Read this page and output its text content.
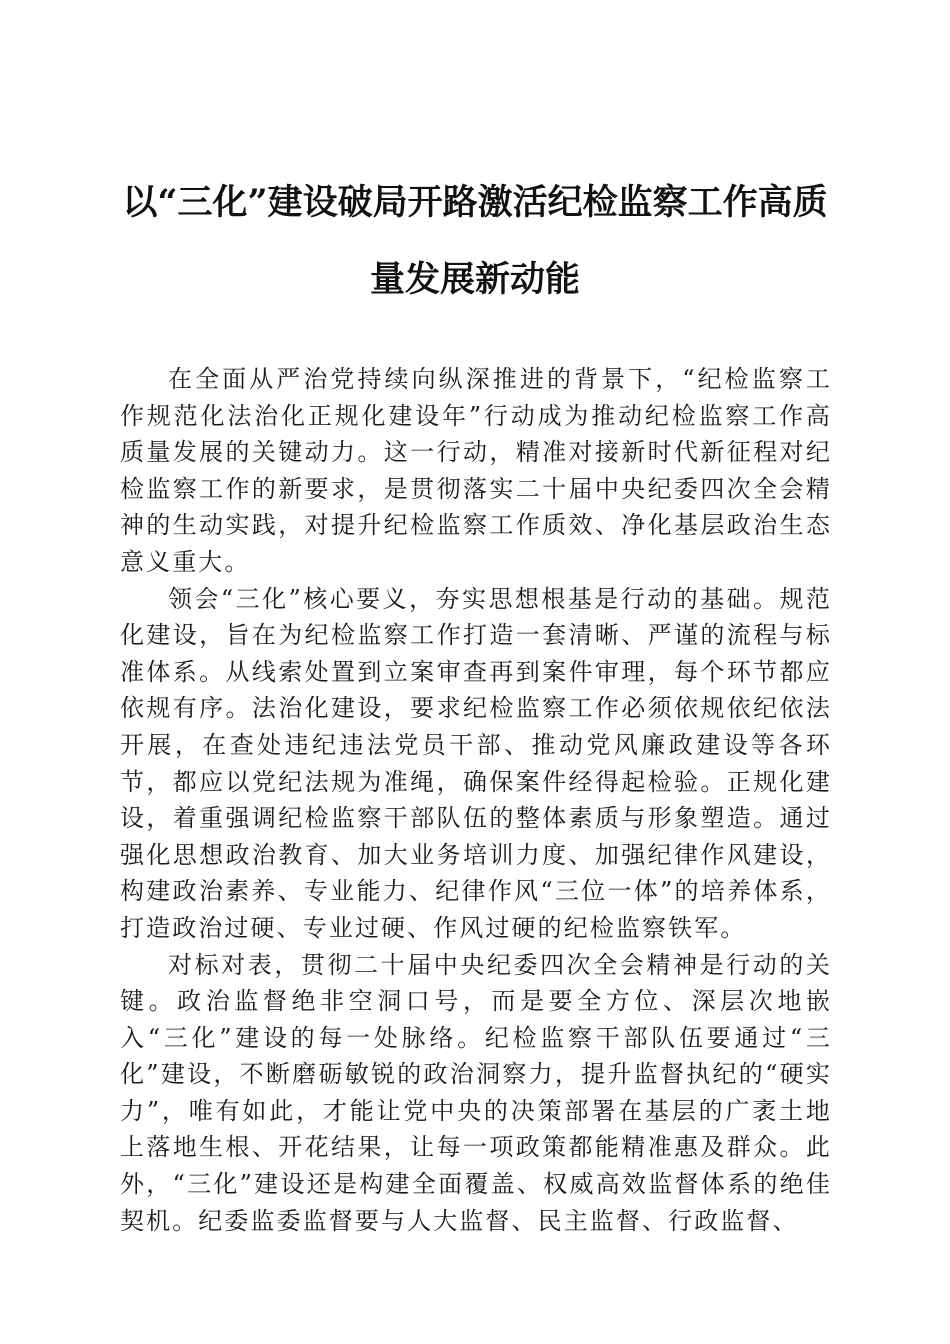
以“三化”建设破局开路激活纪检监察工作高质量发展新动能

在全面从严治党持续向纵深推进的背景下，“纪检监察工作规范化法治化正规化建设年”行动成为推动纪检监察工作高质量发展的关键动力。这一行动，精准对接新时代新征程对纪检监察工作的新要求，是贯彻落实二十届中央纪委四次全会精神的生动实践，对提升纪检监察工作质效、净化基层政治生态意义重大。

领会“三化”核心要义，夯实思想根基是行动的基础。规范化建设，旨在为纪检监察工作打造一套清晰、严谨的流程与标准体系。从线索处置到立案审查再到案件审理，每个环节都应依规有序。法治化建设，要求纪检监察工作必须依规依纪依法开展，在查处违纪违法党员干部、推动党风廉政建设等各环节，都应以党纪法规为准绳，确保案件经得起检验。正规化建设，着重强调纪检监察干部队伍的整体素质与形象塑造。通过强化思想政治教育、加大业务培训力度、加强纪律作风建设，构建政治素养、专业能力、纪律作风“三位一体”的培养体系，打造政治过硬、专业过硬、作风过硬的纪检监察铁军。

对标对表，贯彻二十届中央纪委四次全会精神是行动的关键。政治监督绝非空洞口号，而是要全方位、深层次地嵌入“三化”建设的每一处脉络。纪检监察干部队伍要通过“三化”建设，不断磨砺敏锐的政治洞察力，提升监督执纪的“硬实力”，唯有如此，才能让党中央的决策部署在基层的广袤土地上落地生根、开花结果，让每一项政策都能精准惠及群众。此外，“三化”建设还是构建全面覆盖、权威高效监督体系的绝佳契机。纪委监委监督要与人大监督、民主监督、行政监督、
